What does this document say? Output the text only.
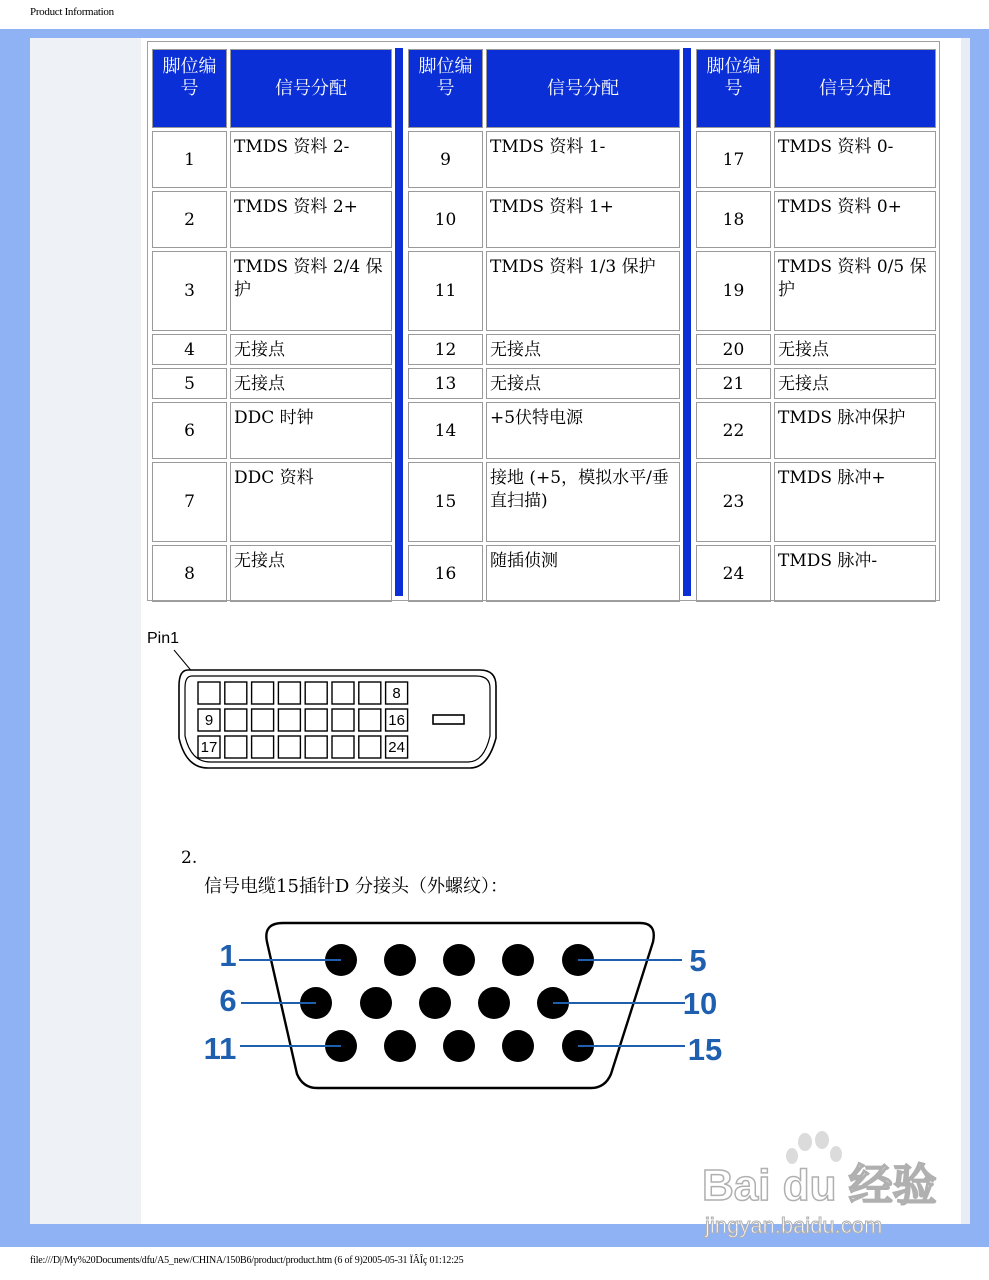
Product Information
脚位编号	信号分配
1	TMDS 资料 2-
2	TMDS 资料 2+
3	TMDS 资料 2/4 保护
4	无接点
5	无接点
6	DDC 时钟
7	DDC 资料
8	无接点
脚位编号	信号分配
9	TMDS 资料 1-
10	TMDS 资料 1+
11	TMDS 资料 1/3 保护
12	无接点
13	无接点
14	+5伏特电源
15	接地 (+5，模拟水平/垂直扫描)
16	随插侦测
脚位编号	信号分配
17	TMDS 资料 0-
18	TMDS 资料 0+
19	TMDS 资料 0/5 保护
20	无接点
21	无接点
22	TMDS 脉冲保护
23	TMDS 脉冲+
24	TMDS 脉冲-
Pin1
8
9	16
17	24
2.
信号电缆15插针D 分接头（外螺纹）：
1	5
6	10
11	15
Bai du 经验
jingyan.baidu.com
file:///D|/My%20Documents/dfu/A5_new/CHINA/150B6/product/product.htm (6 of 9)2005-05-31 ÏÂÎç 01:12:25
